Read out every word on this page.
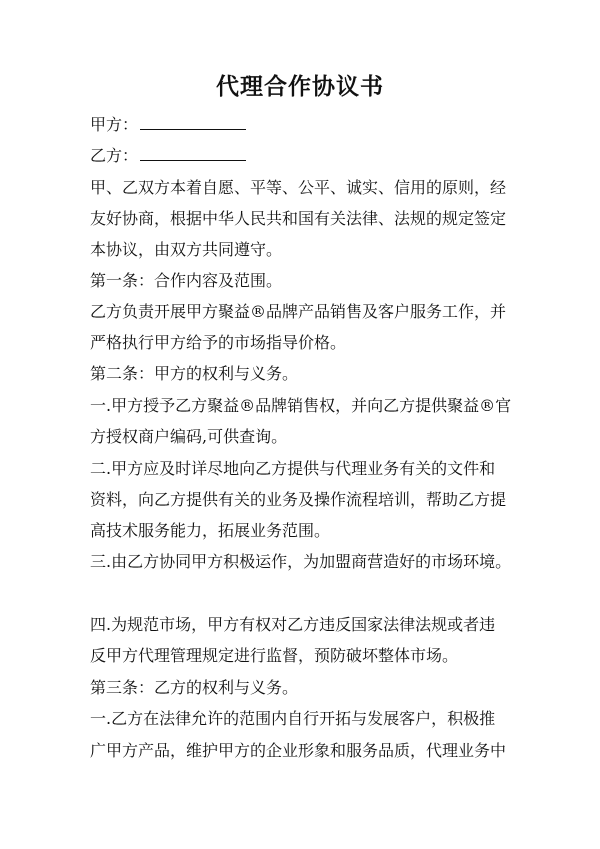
代理合作协议书
甲方：
乙方：
甲、乙双方本着自愿、平等、公平、诚实、信用的原则，经
友好协商，根据中华人民共和国有关法律、法规的规定签定
本协议，由双方共同遵守。
第一条：合作内容及范围。
乙方负责开展甲方聚益®品牌产品销售及客户服务工作，并
严格执行甲方给予的市场指导价格。
第二条：甲方的权利与义务。
一.甲方授予乙方聚益®品牌销售权，并向乙方提供聚益®官
方授权商户编码,可供查询。
二.甲方应及时详尽地向乙方提供与代理业务有关的文件和
资料，向乙方提供有关的业务及操作流程培训，帮助乙方提
高技术服务能力，拓展业务范围。
三.由乙方协同甲方积极运作，为加盟商营造好的市场环境。
四.为规范市场，甲方有权对乙方违反国家法律法规或者违
反甲方代理管理规定进行监督，预防破坏整体市场。
第三条：乙方的权利与义务。
一.乙方在法律允许的范围内自行开拓与发展客户，积极推
广甲方产品，维护甲方的企业形象和服务品质，代理业务中
